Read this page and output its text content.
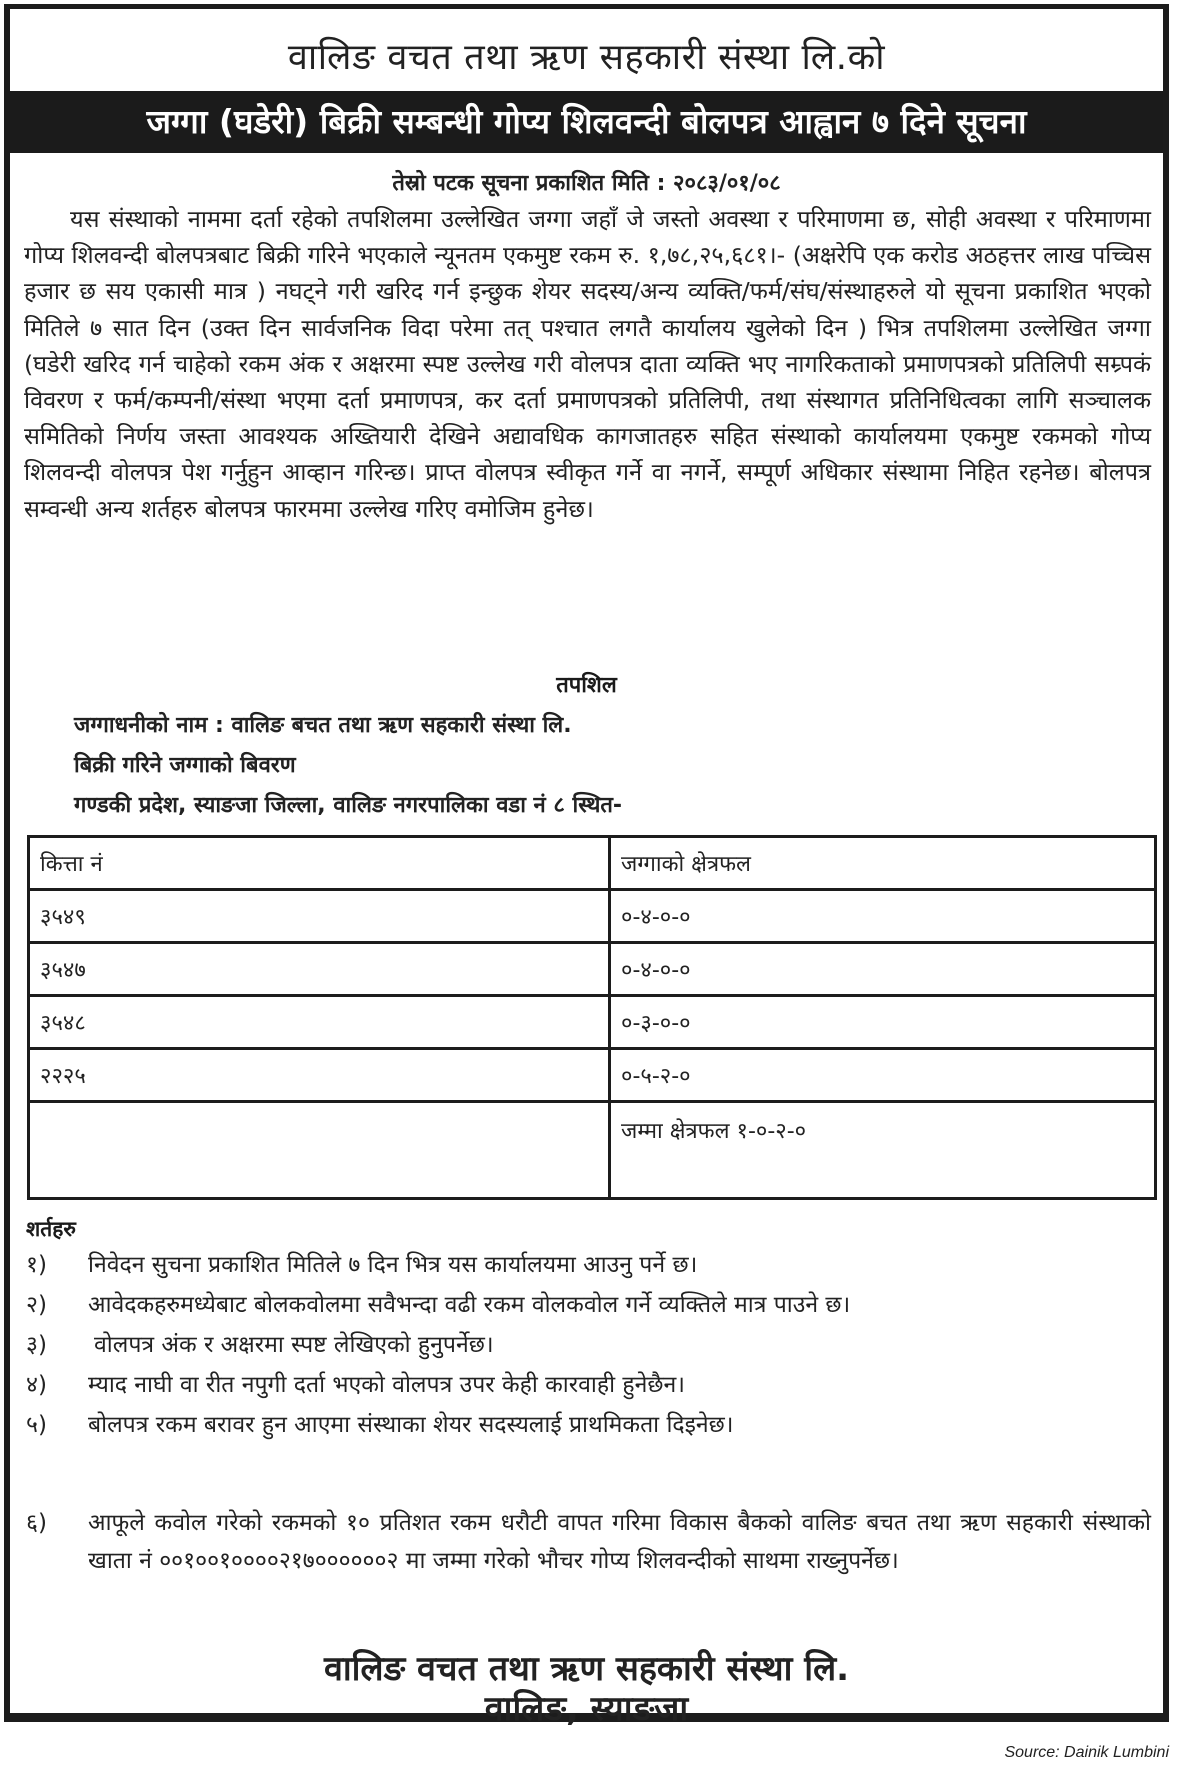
वालिङ वचत तथा ऋण सहकारी संस्था लि.को
जग्गा (घडेरी) बिक्री सम्बन्धी गोप्य शिलवन्दी बोलपत्र आह्वान ७ दिने सूचना
तेस्रो पटक सूचना प्रकाशित मिति : २०८३/०१/०८
यस संस्थाको नाममा दर्ता रहेको तपशिलमा उल्लेखित जग्गा जहाँ जे जस्तो अवस्था र परिमाणमा छ, सोही अवस्था र परिमाणमा गोप्य शिलवन्दी बोलपत्रबाट बिक्री गरिने भएकाले न्यूनतम एकमुष्ट रकम रु. १,७८,२५,६८१।- (अक्षरेपि एक करोड अठहत्तर लाख पच्चिस हजार छ सय एकासी मात्र ) नघट्ने गरी खरिद गर्न इन्छुक शेयर सदस्य/अन्य व्यक्ति/फर्म/संघ/संस्थाहरुले यो सूचना प्रकाशित भएको मितिले ७ सात दिन (उक्त दिन सार्वजनिक विदा परेमा तत् पश्चात लगतै कार्यालय खुलेको दिन ) भित्र तपशिलमा उल्लेखित जग्गा (घडेरी खरिद गर्न चाहेको रकम अंक र अक्षरमा स्पष्ट उल्लेख गरी वोलपत्र दाता व्यक्ति भए नागरिकताको प्रमाणपत्रको प्रतिलिपी सम्र्पकं विवरण र फर्म/कम्पनी/संस्था भएमा दर्ता प्रमाणपत्र, कर दर्ता प्रमाणपत्रको प्रतिलिपी, तथा संस्थागत प्रतिनिधित्वका लागि सञ्चालक समितिको निर्णय जस्ता आवश्यक अख्तियारी देखिने अद्यावधिक कागजातहरु सहित संस्थाको कार्यालयमा एकमुष्ट रकमको गोप्य शिलवन्दी वोलपत्र पेश गर्नुहुन आव्हान गरिन्छ। प्राप्त वोलपत्र स्वीकृत गर्ने वा नगर्ने, सम्पूर्ण अधिकार संस्थामा निहित रहनेछ। बोलपत्र सम्वन्धी अन्य शर्तहरु बोलपत्र फारममा उल्लेख गरिए वमोजिम हुनेछ।
तपशिल
जग्गाधनीको नाम : वालिङ बचत तथा ऋण सहकारी संस्था लि.
बिक्री गरिने जग्गाको बिवरण
गण्डकी प्रदेश, स्याङजा जिल्ला, वालिङ नगरपालिका वडा नं ८ स्थित-
कित्ता नं	जग्गाको क्षेत्रफल
३५४९	०-४-०-०
३५४७	०-४-०-०
३५४८	०-३-०-०
२२२५	०-५-२-०
	जम्मा क्षेत्रफल १-०-२-०
शर्तहरु
१)	निवेदन सुचना प्रकाशित मितिले ७ दिन भित्र यस कार्यालयमा आउनु पर्ने छ।
२)	आवेदकहरुमध्येबाट बोलकवोलमा सवैभन्दा वढी रकम वोलकवोल गर्ने व्यक्तिले मात्र पाउने छ।
३)	वोलपत्र अंक र अक्षरमा स्पष्ट लेखिएको हुनुपर्नेछ।
४)	म्याद नाघी वा रीत नपुगी दर्ता भएको वोलपत्र उपर केही कारवाही हुनेछैन।
५)	बोलपत्र रकम बरावर हुन आएमा संस्थाका शेयर सदस्यलाई प्राथमिकता दिइनेछ।
६)	आफूले कवोल गरेको रकमको १० प्रतिशत रकम धरौटी वापत गरिमा विकास बैकको वालिङ बचत तथा ऋण सहकारी संस्थाको खाता नं ००१००१००००२१७००००००२ मा जम्मा गरेको भौचर गोप्य शिलवन्दीको साथमा राख्नुपर्नेछ।
वालिङ वचत तथा ऋण सहकारी संस्था लि.
वालिङ, स्याङजा
Source: Dainik Lumbini
